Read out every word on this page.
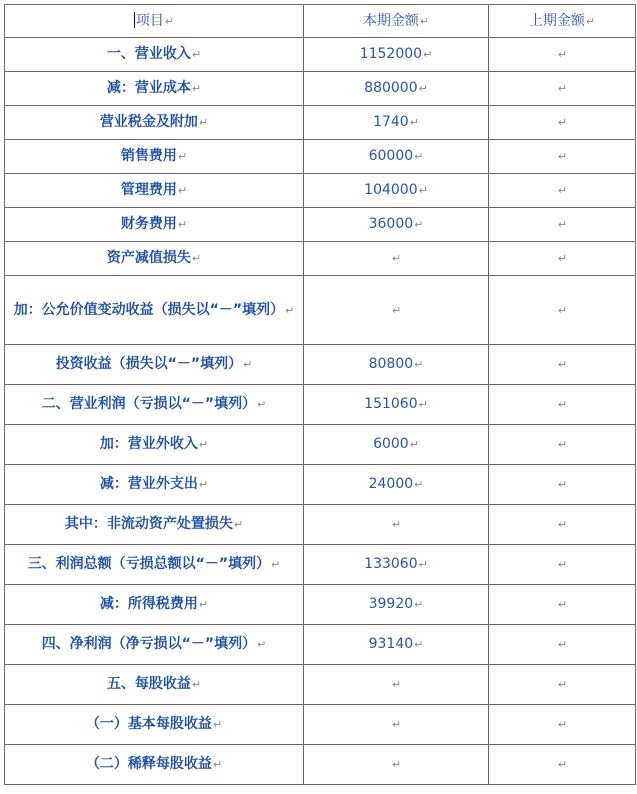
项目↵	本期金额↵	上期金额↵
一、营业收入↵	1152000↵	↵
减：营业成本↵	880000↵	↵
营业税金及附加↵	1740↵	↵
销售费用↵	60000↵	↵
管理费用↵	104000↵	↵
财务费用↵	36000↵	↵
资产减值损失↵	↵	↵
加：公允价值变动收益（损失以“－”填列）↵	↵	↵
投资收益（损失以“－”填列）↵	80800↵	↵
二、营业利润（亏损以“－”填列）↵	151060↵	↵
加：营业外收入↵	6000↵	↵
减：营业外支出↵	24000↵	↵
其中：非流动资产处置损失↵	↵	↵
三、利润总额（亏损总额以“－”填列）↵	133060↵	↵
减：所得税费用↵	39920↵	↵
四、净利润（净亏损以“－”填列）↵	93140↵	↵
五、每股收益↵	↵	↵
（一）基本每股收益↵	↵	↵
（二）稀释每股收益↵	↵	↵
